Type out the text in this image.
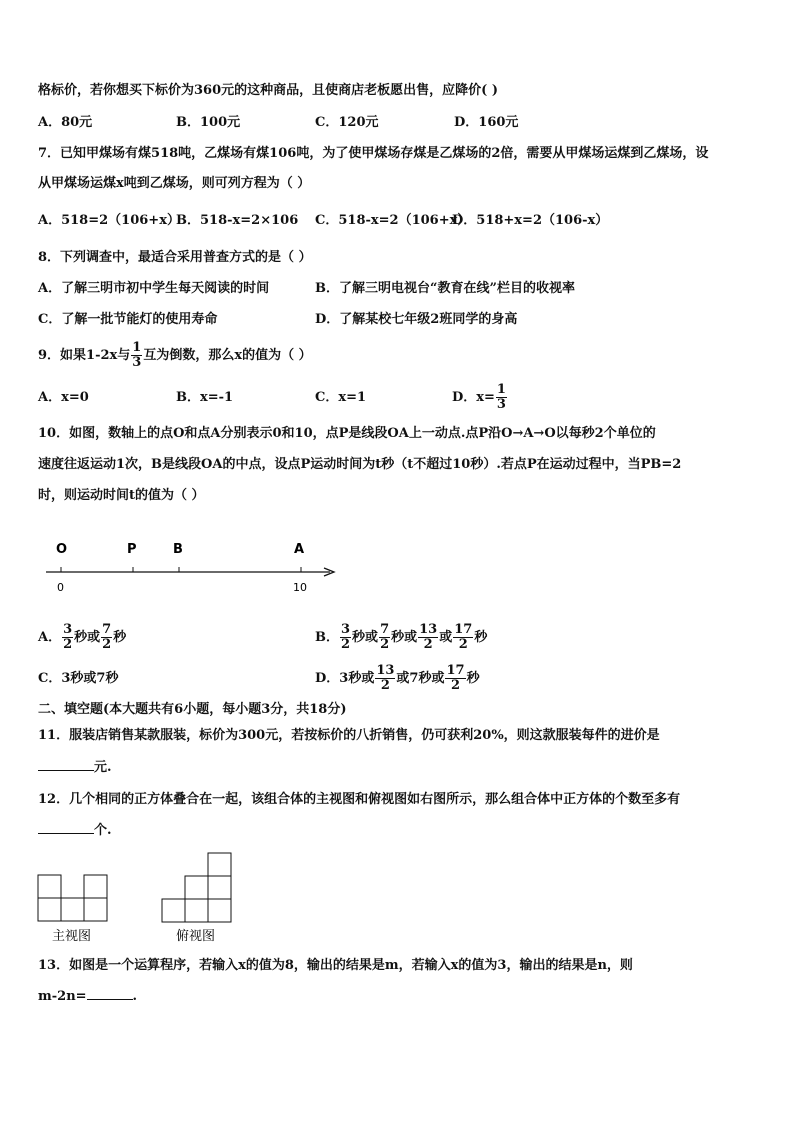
格标价，若你想买下标价为360元的这种商品，且使商店老板愿出售，应降价( )
A．80元	B．100元	C．120元	D．160元
7．已知甲煤场有煤518吨，乙煤场有煤106吨，为了使甲煤场存煤是乙煤场的2倍，需要从甲煤场运煤到乙煤场，设
从甲煤场运煤x吨到乙煤场，则可列方程为（ ）
A．518=2（106+x）
B．518-x=2×106 C．518-x=2（106+x）
D．518+x=2（106-x）
8．下列调查中，最适合采用普查方式的是（ ）
A．了解三明市初中学生每天阅读的时间	B．了解三明电视台“教育在线”栏目的收视率
C．了解一批节能灯的使用寿命	D．了解某校七年级2班同学的身高
9．如果1-2x与 $\frac{1}{3}$ 互为倒数，那么x的值为（ ）
A．x=0	B．x=-1	C．x=1	D．$x= \frac{1}{3}$
10．如图，数轴上的点O和点A分别表示0和10，点P是线段OA上一动点.点P沿O→A→O以每秒2个单位的
速度往返运动1次，B是线段OA的中点，设点P运动时间为t秒（t不超过10秒）.若点P在运动过程中，当PB=2
时，则运动时间t的值为（ ）
O	P	B	A
0	10
A． $\frac{3}{2}$ 秒或 $\frac{7}{2}$ 秒	B． $\frac{3}{2}$ 秒或 $\frac{7}{2}$ 秒或 $\frac{13}{2}$ 或 $\frac{17}{2}$ 秒
C．3秒或7秒	D．3秒或 $\frac{13}{2}$ 或7秒或 $\frac{17}{2}$ 秒
二、填空题(本大题共有6小题，每小题3分，共18分)
11．服装店销售某款服装，标价为300元，若按标价的八折销售，仍可获利20%，则这款服装每件的进价是
元.
12．几个相同的正方体叠合在一起，该组合体的主视图和俯视图如右图所示，那么组合体中正方体的个数至多有
个.
主视图	俯视图
13．如图是一个运算程序，若输入x的值为8，输出的结果是m，若输入x的值为3，输出的结果是n，则
m-2n=	.
